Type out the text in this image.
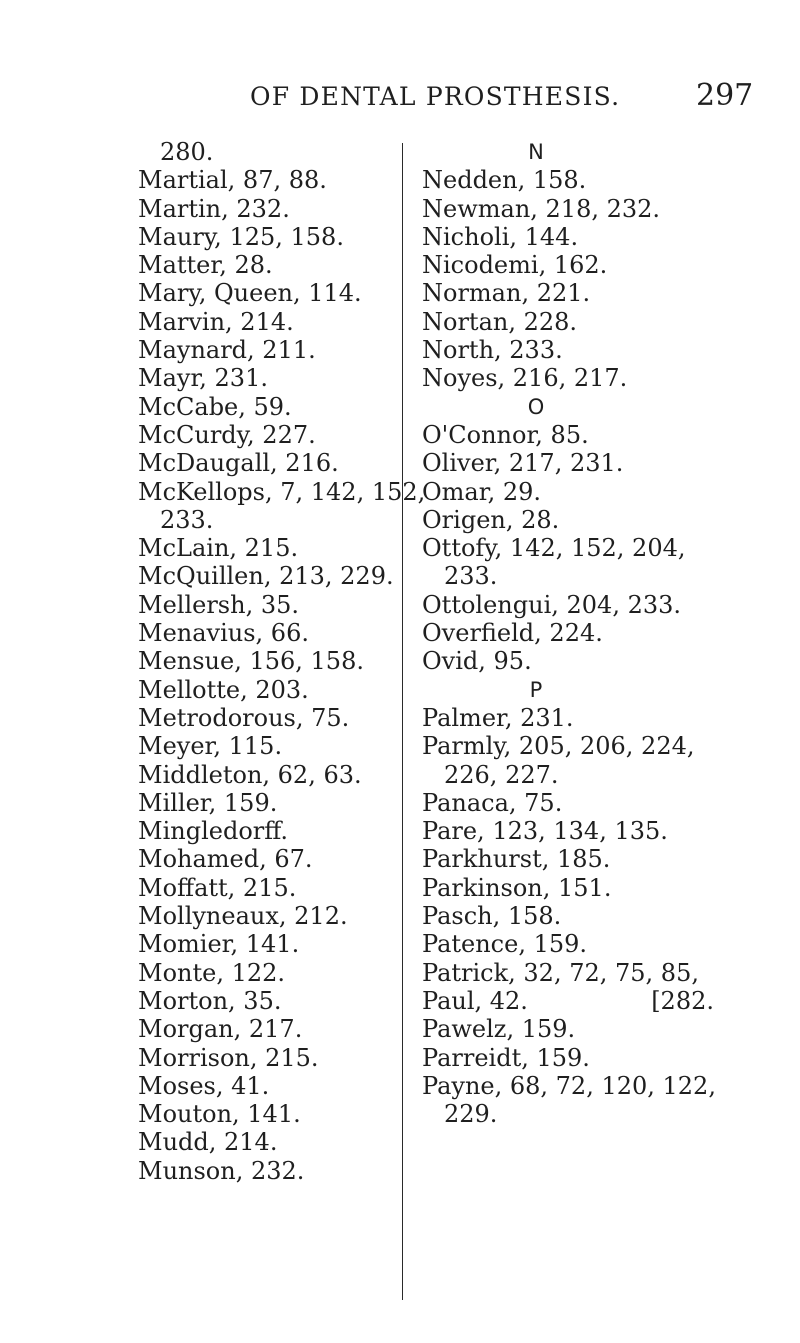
OF DENTAL PROSTHESIS.	297
280.
Martial, 87, 88.
Martin, 232.
Maury, 125, 158.
Matter, 28.
Mary, Queen, 114.
Marvin, 214.
Maynard, 211.
Mayr, 231.
McCabe, 59.
McCurdy, 227.
McDaugall, 216.
McKellops, 7, 142, 152,
233.
McLain, 215.
McQuillen, 213, 229.
Mellersh, 35.
Menavius, 66.
Mensue, 156, 158.
Mellotte, 203.
Metrodorous, 75.
Meyer, 115.
Middleton, 62, 63.
Miller, 159.
Mingledorff.
Mohamed, 67.
Moffatt, 215.
Mollyneaux, 212.
Momier, 141.
Monte, 122.
Morton, 35.
Morgan, 217.
Morrison, 215.
Moses, 41.
Mouton, 141.
Mudd, 214.
Munson, 232.
N
Nedden, 158.
Newman, 218, 232.
Nicholi, 144.
Nicodemi, 162.
Norman, 221.
Nortan, 228.
North, 233.
Noyes, 216, 217.
O
O'Connor, 85.
Oliver, 217, 231.
Omar, 29.
Origen, 28.
Ottofy, 142, 152, 204,
233.
Ottolengui, 204, 233.
Overfield, 224.
Ovid, 95.
P
Palmer, 231.
Parmly, 205, 206, 224,
226, 227.
Panaca, 75.
Pare, 123, 134, 135.
Parkhurst, 185.
Parkinson, 151.
Pasch, 158.
Patence, 159.
Patrick, 32, 72, 75, 85,
Paul, 42.	[282.
Pawelz, 159.
Parreidt, 159.
Payne, 68, 72, 120, 122,
229.
